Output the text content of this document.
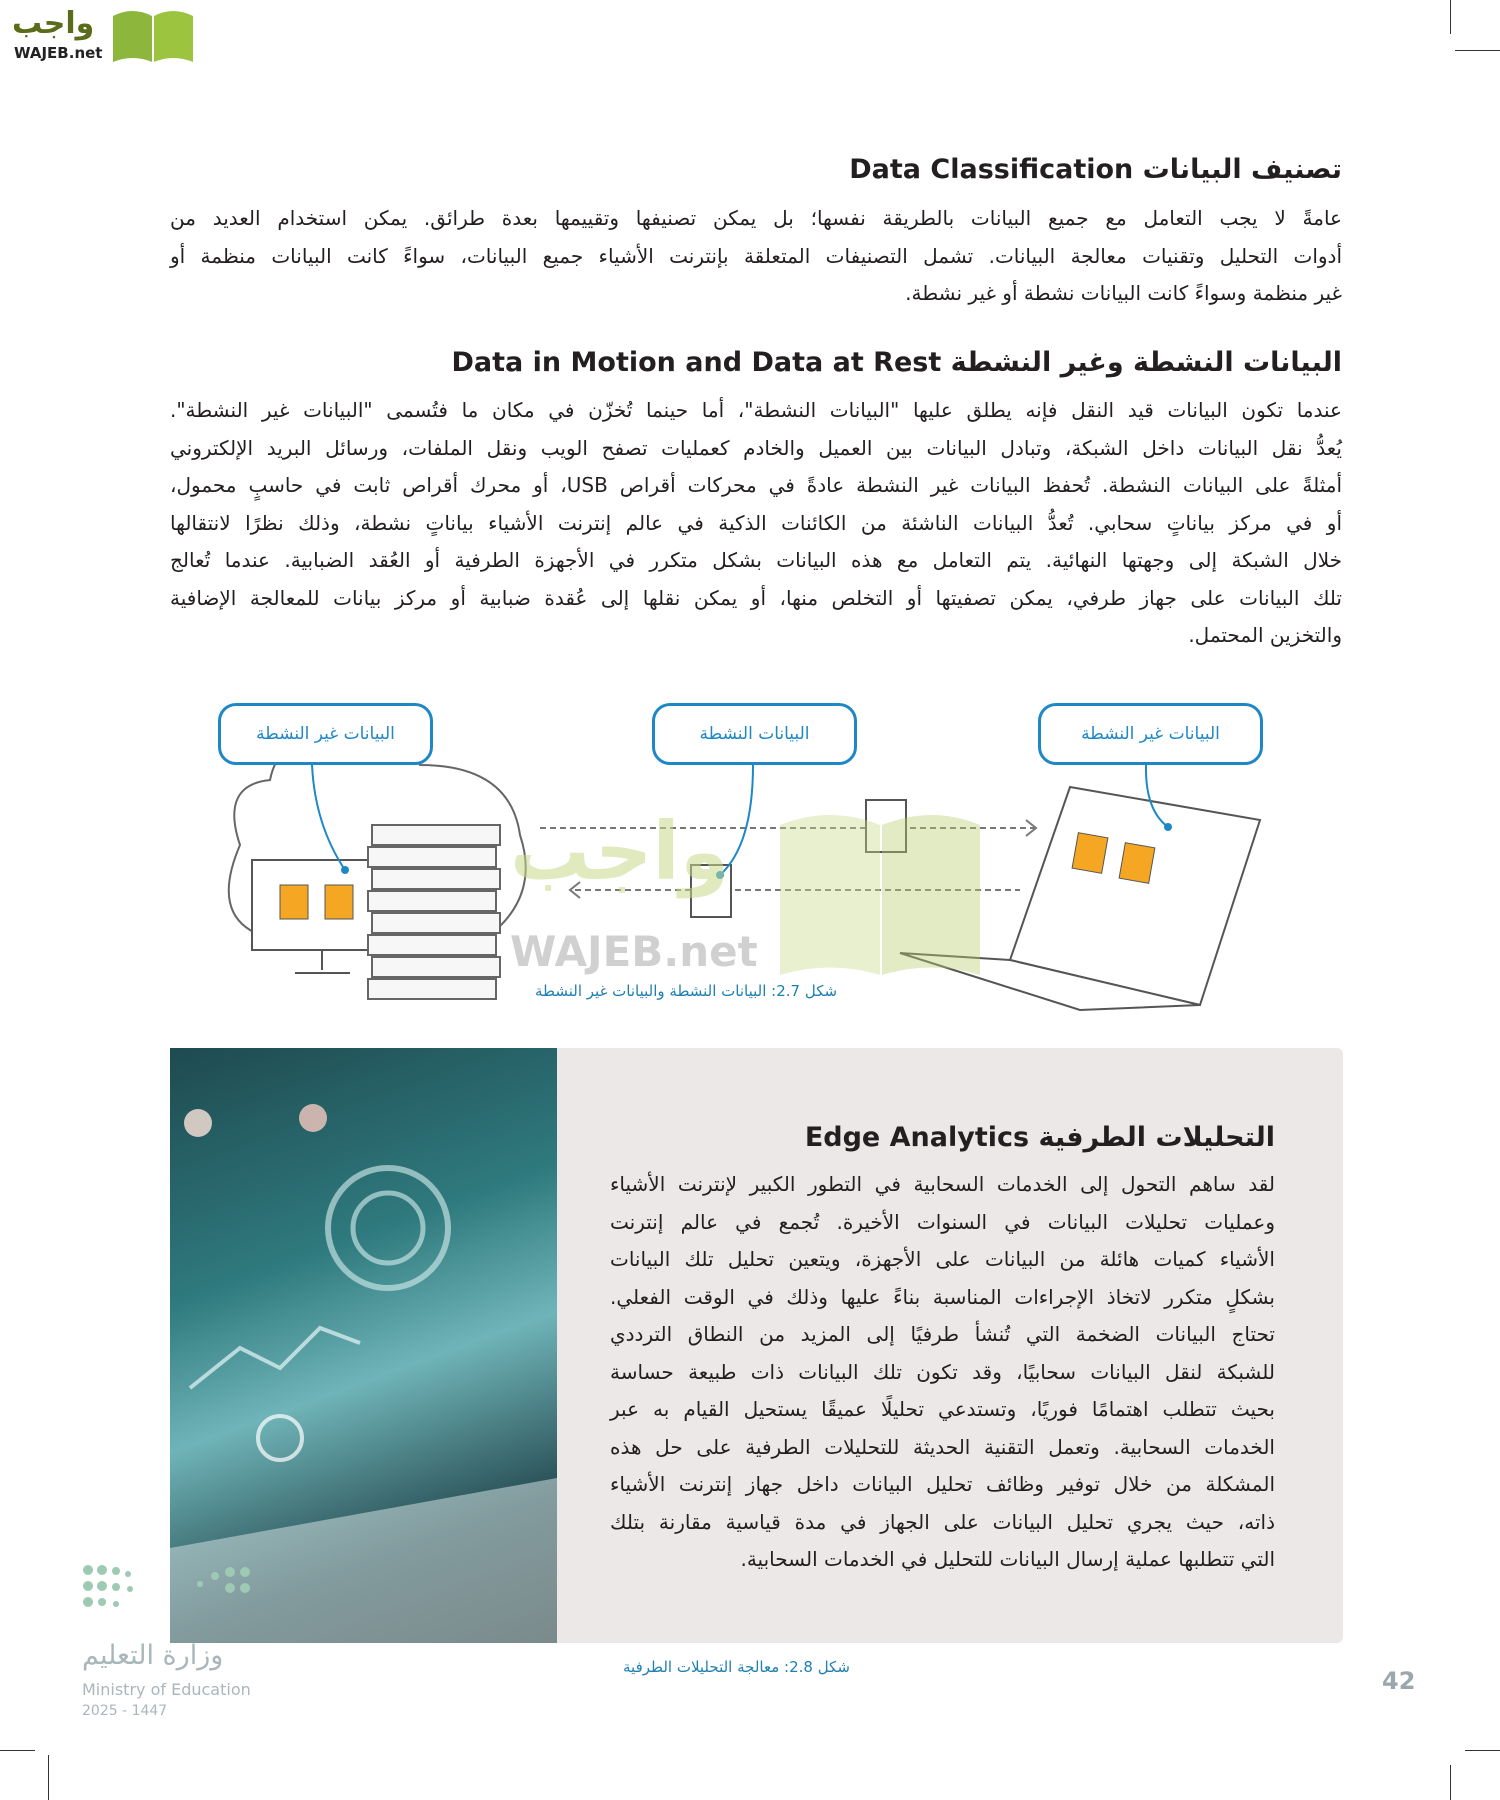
واجب
WAJEB.net
تصنيف البيانات Data Classification
عامةً لا يجب التعامل مع جميع البيانات بالطريقة نفسها؛ بل يمكن تصنيفها وتقييمها بعدة طرائق. يمكن استخدام العديد من
أدوات التحليل وتقنيات معالجة البيانات. تشمل التصنيفات المتعلقة بإنترنت الأشياء جميع البيانات، سواءً كانت البيانات منظمة أو
غير منظمة وسواءً كانت البيانات نشطة أو غير نشطة.
البيانات النشطة وغير النشطة Data in Motion and Data at Rest
عندما تكون البيانات قيد النقل فإنه يطلق عليها "البيانات النشطة"، أما حينما تُخزّن في مكان ما فتُسمى "البيانات غير النشطة".
يُعدُّ نقل البيانات داخل الشبكة، وتبادل البيانات بين العميل والخادم كعمليات تصفح الويب ونقل الملفات، ورسائل البريد الإلكتروني
أمثلةً على البيانات النشطة. تُحفظ البيانات غير النشطة عادةً في محركات أقراص USB، أو محرك أقراص ثابت في حاسبٍ محمول،
أو في مركز بياناتٍ سحابي. تُعدُّ البيانات الناشئة من الكائنات الذكية في عالم إنترنت الأشياء بياناتٍ نشطة، وذلك نظرًا لانتقالها
خلال الشبكة إلى وجهتها النهائية. يتم التعامل مع هذه البيانات بشكل متكرر في الأجهزة الطرفية أو العُقد الضبابية. عندما تُعالج
تلك البيانات على جهاز طرفي، يمكن تصفيتها أو التخلص منها، أو يمكن نقلها إلى عُقدة ضبابية أو مركز بيانات للمعالجة الإضافية
والتخزين المحتمل.
واجب
WAJEB.net
البيانات غير النشطة	البيانات النشطة	البيانات غير النشطة
شكل 2.7: البيانات النشطة والبيانات غير النشطة
التحليلات الطرفية Edge Analytics
لقد ساهم التحول إلى الخدمات السحابية في التطور الكبير لإنترنت الأشياء
وعمليات تحليلات البيانات في السنوات الأخيرة. تُجمع في عالم إنترنت
الأشياء كميات هائلة من البيانات على الأجهزة، ويتعين تحليل تلك البيانات
بشكلٍ متكرر لاتخاذ الإجراءات المناسبة بناءً عليها وذلك في الوقت الفعلي.
تحتاج البيانات الضخمة التي تُنشأ طرفيًا إلى المزيد من النطاق الترددي
للشبكة لنقل البيانات سحابيًا، وقد تكون تلك البيانات ذات طبيعة حساسة
بحيث تتطلب اهتمامًا فوريًا، وتستدعي تحليلًا عميقًا يستحيل القيام به عبر
الخدمات السحابية. وتعمل التقنية الحديثة للتحليلات الطرفية على حل هذه
المشكلة من خلال توفير وظائف تحليل البيانات داخل جهاز إنترنت الأشياء
ذاته، حيث يجري تحليل البيانات على الجهاز في مدة قياسية مقارنة بتلك
التي تتطلبها عملية إرسال البيانات للتحليل في الخدمات السحابية.
شكل 2.8: معالجة التحليلات الطرفية
وزارة التعليم
Ministry of Education
2025 - 1447
42
